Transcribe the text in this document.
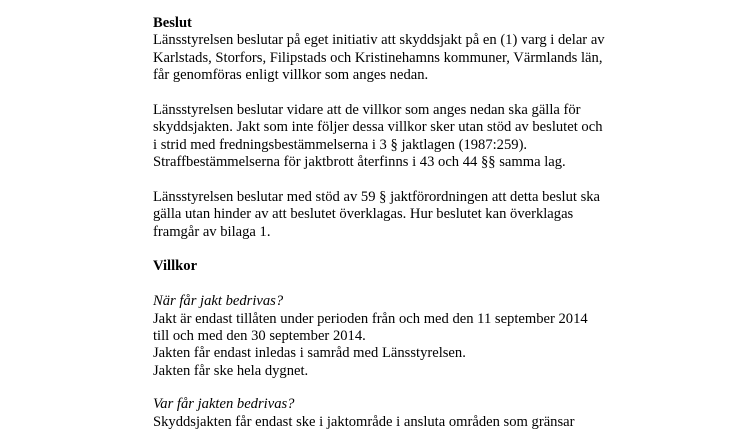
Beslut
Länsstyrelsen beslutar på eget initiativ att skyddsjakt på en (1) varg i delar av
Karlstads, Storfors, Filipstads och Kristinehamns kommuner, Värmlands län,
får genomföras enligt villkor som anges nedan.
Länsstyrelsen beslutar vidare att de villkor som anges nedan ska gälla för
skyddsjakten. Jakt som inte följer dessa villkor sker utan stöd av beslutet och
i strid med fredningsbestämmelserna i 3 § jaktlagen (1987:259).
Straffbestämmelserna för jaktbrott återfinns i 43 och 44 §§ samma lag.
Länsstyrelsen beslutar med stöd av 59 § jaktförordningen att detta beslut ska
gälla utan hinder av att beslutet överklagas. Hur beslutet kan överklagas
framgår av bilaga 1.
Villkor
När får jakt bedrivas?
Jakt är endast tillåten under perioden från och med den 11 september 2014
till och med den 30 september 2014.
Jakten får endast inledas i samråd med Länsstyrelsen.
Jakten får ske hela dygnet.
Var får jakten bedrivas?
Skyddsjakten får endast ske i jaktområde i ansluta områden som gränsar
